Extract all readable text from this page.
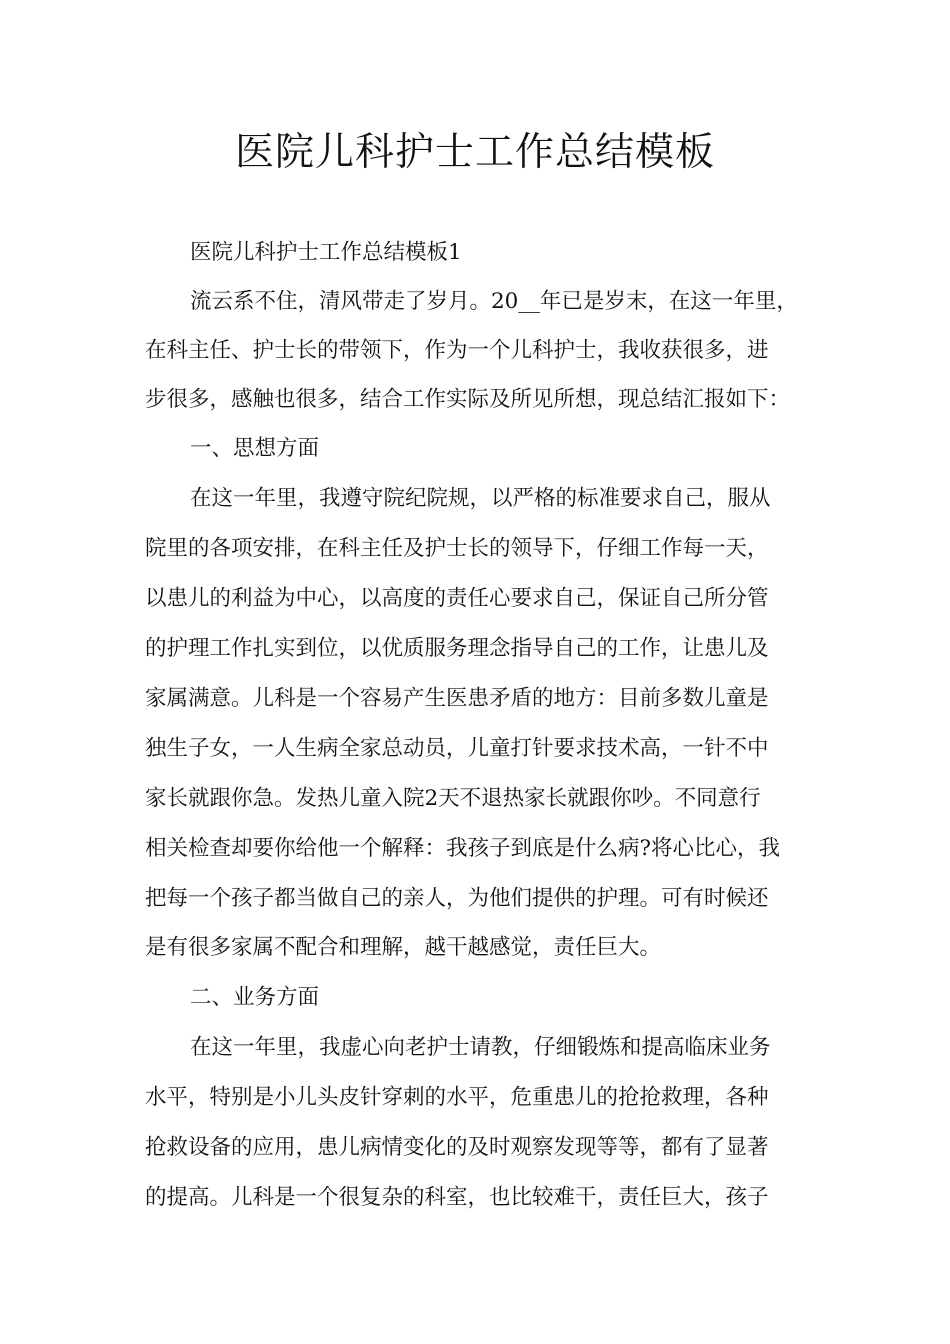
医院儿科护士工作总结模板

医院儿科护士工作总结模板1

流云系不住，清风带走了岁月。20__年已是岁末，在这一年里，

在科主任、护士长的带领下，作为一个儿科护士，我收获很多，进

步很多，感触也很多，结合工作实际及所见所想，现总结汇报如下：

一、思想方面

在这一年里，我遵守院纪院规，以严格的标准要求自己，服从

院里的各项安排，在科主任及护士长的领导下，仔细工作每一天，

以患儿的利益为中心，以高度的责任心要求自己，保证自己所分管

的护理工作扎实到位，以优质服务理念指导自己的工作，让患儿及

家属满意。儿科是一个容易产生医患矛盾的地方：目前多数儿童是

独生子女，一人生病全家总动员，儿童打针要求技术高，一针不中

家长就跟你急。发热儿童入院2天不退热家长就跟你吵。不同意行

相关检查却要你给他一个解释：我孩子到底是什么病?将心比心，我

把每一个孩子都当做自己的亲人，为他们提供的护理。可有时候还

是有很多家属不配合和理解，越干越感觉，责任巨大。

二、业务方面

在这一年里，我虚心向老护士请教，仔细锻炼和提高临床业务

水平，特别是小儿头皮针穿刺的水平，危重患儿的抢抢救理，各种

抢救设备的应用，患儿病情变化的及时观察发现等等，都有了显著

的提高。儿科是一个很复杂的科室，也比较难干，责任巨大，孩子
